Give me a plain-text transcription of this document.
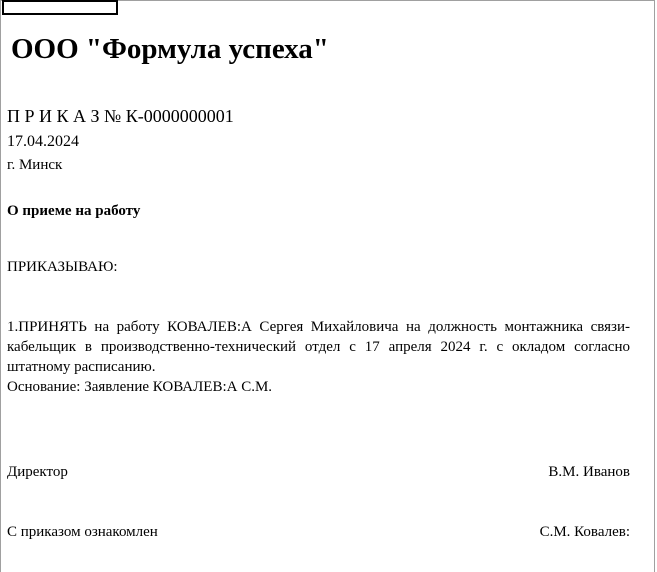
ООО "Формула успеха"
П Р И К А З № К-0000000001
17.04.2024
г. Минск
О приеме на работу
ПРИКАЗЫВАЮ:
1.ПРИНЯТЬ на работу КОВАЛЕВ:А Сергея Михайловича на должность монтажника связи-кабельщик в производственно-технический отдел с 17 апреля 2024 г. с окладом согласно штатному расписанию.
Основание: Заявление КОВАЛЕВ:А С.М.
Директор	В.М. Иванов
С приказом ознакомлен	С.М. Ковалев:
